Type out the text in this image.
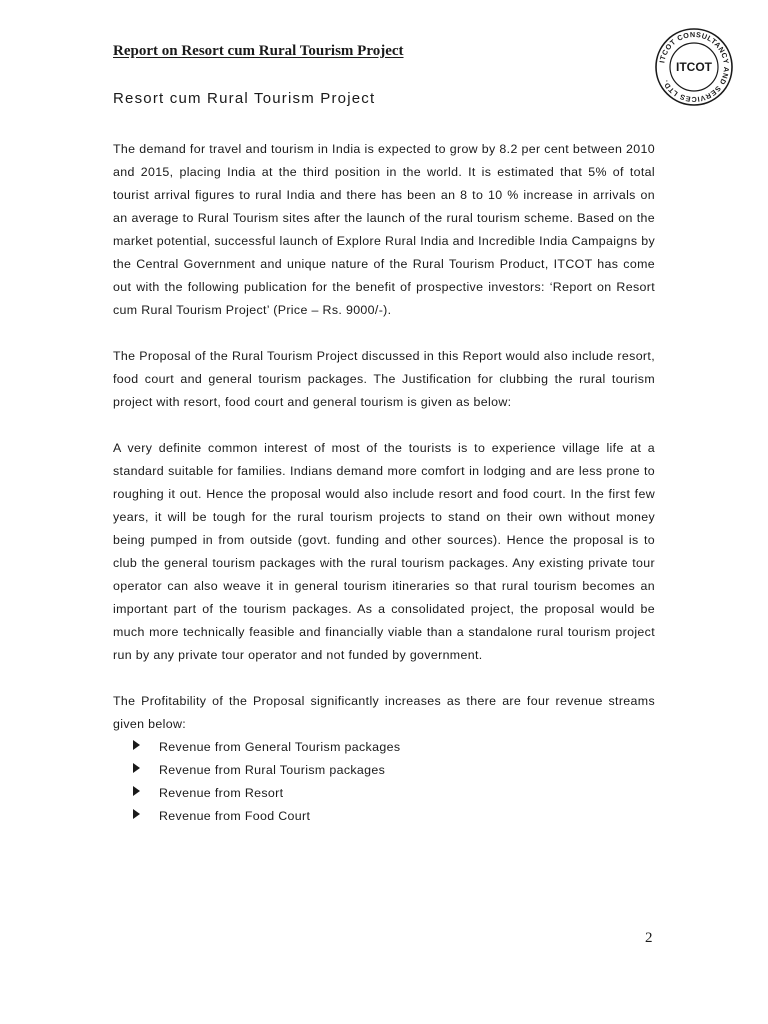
Report on Resort cum Rural Tourism Project
ITCOT CONSULTANCY AND SERVICES LTD.
ITCOT
Resort cum Rural Tourism Project

The demand for travel and tourism in India is expected to grow by 8.2 per cent between 2010 and 2015, placing India at the third position in the world. It is estimated that 5% of total tourist arrival figures to rural India and there has been an 8 to 10 % increase in arrivals on an average to Rural Tourism sites after the launch of the rural tourism scheme. Based on the market potential, successful launch of Explore Rural India and Incredible India Campaigns by the Central Government and unique nature of the Rural Tourism Product, ITCOT has come out with the following publication for the benefit of prospective investors: ‘Report on Resort cum Rural Tourism Project’ (Price – Rs. 9000/-).

The Proposal of the Rural Tourism Project discussed in this Report would also include resort, food court and general tourism packages. The Justification for clubbing the rural tourism project with resort, food court and general tourism is given as below:

A very definite common interest of most of the tourists is to experience village life at a standard suitable for families. Indians demand more comfort in lodging and are less prone to roughing it out. Hence the proposal would also include resort and food court. In the first few years, it will be tough for the rural tourism projects to stand on their own without money being pumped in from outside (govt. funding and other sources). Hence the proposal is to club the general tourism packages with the rural tourism packages. Any existing private tour operator can also weave it in general tourism itineraries so that rural tourism becomes an important part of the tourism packages. As a consolidated project, the proposal would be much more technically feasible and financially viable than a standalone rural tourism project run by any private tour operator and not funded by government.

The Profitability of the Proposal significantly increases as there are four revenue streams given below:

Revenue from General Tourism packages
Revenue from Rural Tourism packages
Revenue from Resort
Revenue from Food Court
2
